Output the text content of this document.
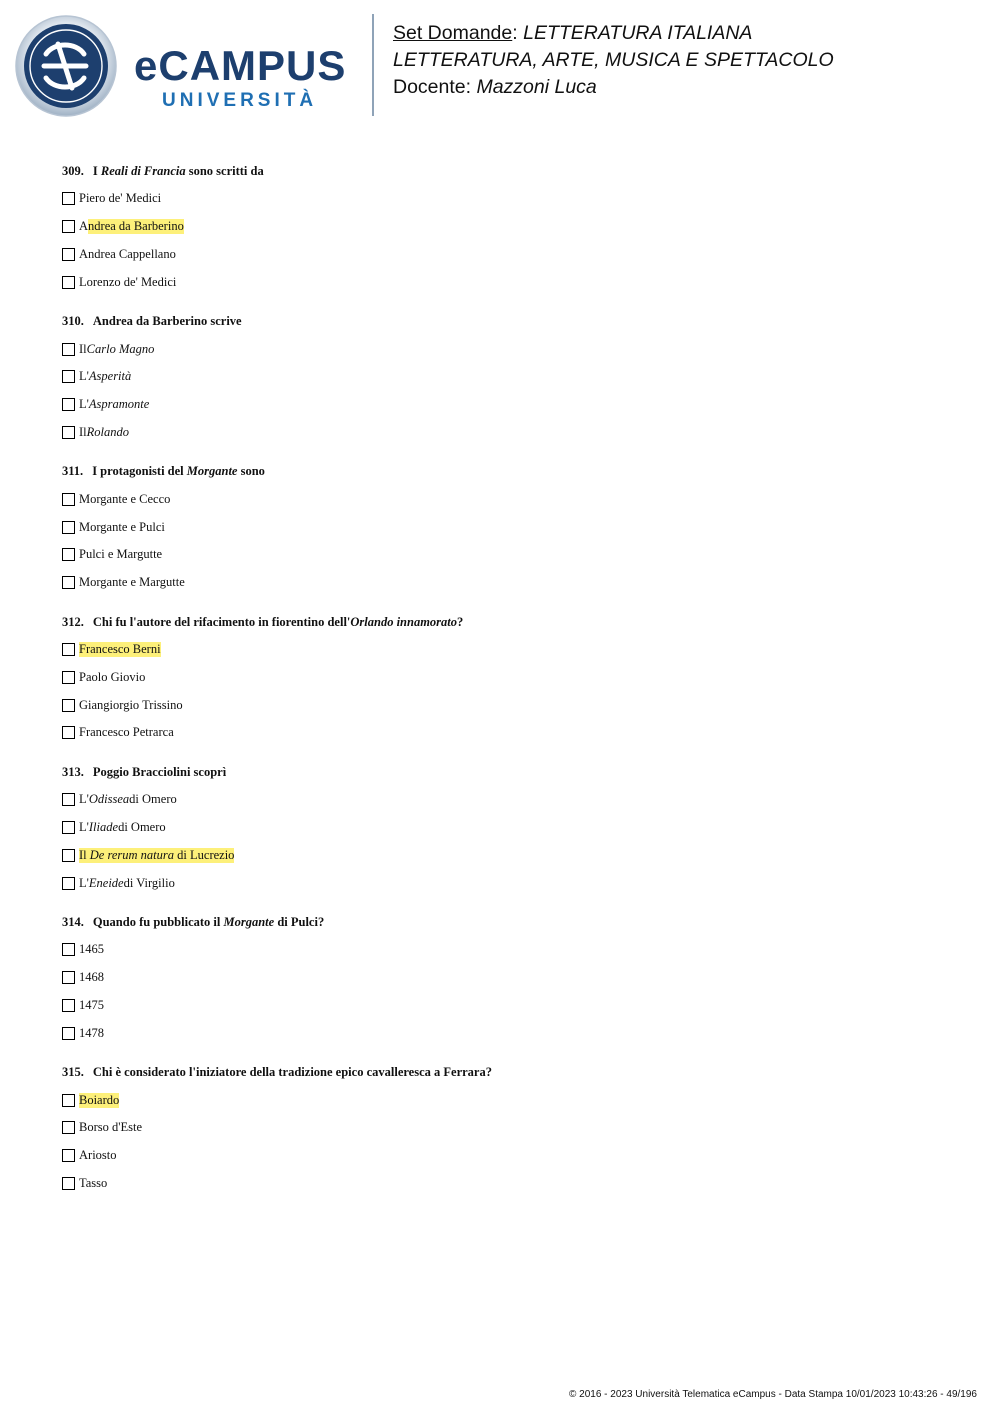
eCAMPUS
UNIVERSITÀ
Set Domande: LETTERATURA ITALIANA
LETTERATURA, ARTE, MUSICA E SPETTACOLO
Docente: Mazzoni Luca
309. I Reali di Francia sono scritti da
Piero de' Medici
A ndrea da Barberino
Andrea Cappellano
Lorenzo de' Medici
310. Andrea da Barberino scrive
Il Carlo Magno
L' Asperità
L' Aspramonte
Il Rolando
311. I protagonisti del Morgante sono
Morgante e Cecco
Morgante e Pulci
Pulci e Margutte
Morgante e Margutte
312. Chi fu l'autore del rifacimento in fiorentino dell'Orlando innamorato?
Francesco Berni
Paolo Giovio
Giangiorgio Trissino
Francesco Petrarca
313. Poggio Bracciolini scoprì
L' Odissea di Omero
L' Iliade di Omero
Il De rerum natura di Lucrezio
L' Eneide di Virgilio
314. Quando fu pubblicato il Morgante di Pulci?
1465
1468
1475
1478
315. Chi è considerato l'iniziatore della tradizione epico cavalleresca a Ferrara?
Boiardo
Borso d'Este
Ariosto
Tasso
© 2016 - 2023 Università Telematica eCampus - Data Stampa 10/01/2023 10:43:26 - 49/196
